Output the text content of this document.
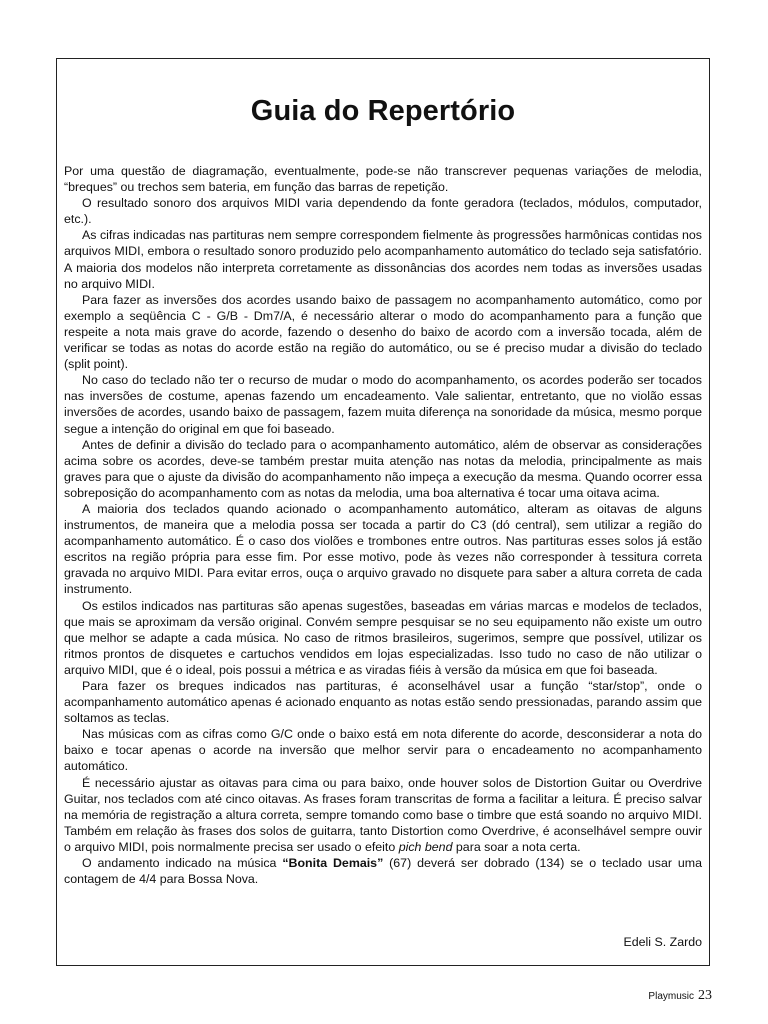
Guia do Repertório

Por uma questão de diagramação, eventualmente, pode-se não transcrever pequenas variações de melodia, “breques” ou trechos sem bateria, em função das barras de repetição.

O resultado sonoro dos arquivos MIDI varia dependendo da fonte geradora (teclados, módulos, computador, etc.).

As cifras indicadas nas partituras nem sempre correspondem fielmente às progressões harmônicas contidas nos arquivos MIDI, embora o resultado sonoro produzido pelo acompanhamento automático do teclado seja satisfatório. A maioria dos modelos não interpreta corretamente as dissonâncias dos acordes nem todas as inversões usadas no arquivo MIDI.

Para fazer as inversões dos acordes usando baixo de passagem no acompanhamento automático, como por exemplo a seqüência C - G/B - Dm7/A, é necessário alterar o modo do acompanhamento para a função que respeite a nota mais grave do acorde, fazendo o desenho do baixo de acordo com a inversão tocada, além de verificar se todas as notas do acorde estão na região do automático, ou se é preciso mudar a divisão do teclado (split point).

No caso do teclado não ter o recurso de mudar o modo do acompanhamento, os acordes poderão ser tocados nas inversões de costume, apenas fazendo um encadeamento. Vale salientar, entretanto, que no violão essas inversões de acordes, usando baixo de passagem, fazem muita diferença na sonoridade da música, mesmo porque segue a intenção do original em que foi baseado.

Antes de definir a divisão do teclado para o acompanhamento automático, além de observar as considerações acima sobre os acordes, deve-se também prestar muita atenção nas notas da melodia, principalmente as mais graves para que o ajuste da divisão do acompanhamento não impeça a execução da mesma. Quando ocorrer essa sobreposição do acompanhamento com as notas da melodia, uma boa alternativa é tocar uma oitava acima.

A maioria dos teclados quando acionado o acompanhamento automático, alteram as oitavas de alguns instrumentos, de maneira que a melodia possa ser tocada a partir do C3 (dó central), sem utilizar a região do acompanhamento automático. É o caso dos violões e trombones entre outros. Nas partituras esses solos já estão escritos na região própria para esse fim. Por esse motivo, pode às vezes não corresponder à tessitura correta gravada no arquivo MIDI. Para evitar erros, ouça o arquivo gravado no disquete para saber a altura correta de cada instrumento.

Os estilos indicados nas partituras são apenas sugestões, baseadas em várias marcas e modelos de teclados, que mais se aproximam da versão original. Convém sempre pesquisar se no seu equipamento não existe um outro que melhor se adapte a cada música. No caso de ritmos brasileiros, sugerimos, sempre que possível, utilizar os ritmos prontos de disquetes e cartuchos vendidos em lojas especializadas. Isso tudo no caso de não utilizar o arquivo MIDI, que é o ideal, pois possui a métrica e as viradas fiéis à versão da música em que foi baseada.

Para fazer os breques indicados nas partituras, é aconselhável usar a função “star/stop”, onde o acompanhamento automático apenas é acionado enquanto as notas estão sendo pressionadas, parando assim que soltamos as teclas.

Nas músicas com as cifras como G/C onde o baixo está em nota diferente do acorde, desconsiderar a nota do baixo e tocar apenas o acorde na inversão que melhor servir para o encadeamento no acompanhamento automático.

É necessário ajustar as oitavas para cima ou para baixo, onde houver solos de Distortion Guitar ou Overdrive Guitar, nos teclados com até cinco oitavas. As frases foram transcritas de forma a facilitar a leitura. É preciso salvar na memória de registração a altura correta, sempre tomando como base o timbre que está soando no arquivo MIDI. Também em relação às frases dos solos de guitarra, tanto Distortion como Overdrive, é aconselhável sempre ouvir o arquivo MIDI, pois normalmente precisa ser usado o efeito pich bend para soar a nota certa.

O andamento indicado na música “Bonita Demais” (67) deverá ser dobrado (134) se o teclado usar uma contagem de 4/4 para Bossa Nova.

Edeli S. Zardo

Playmusic 23
